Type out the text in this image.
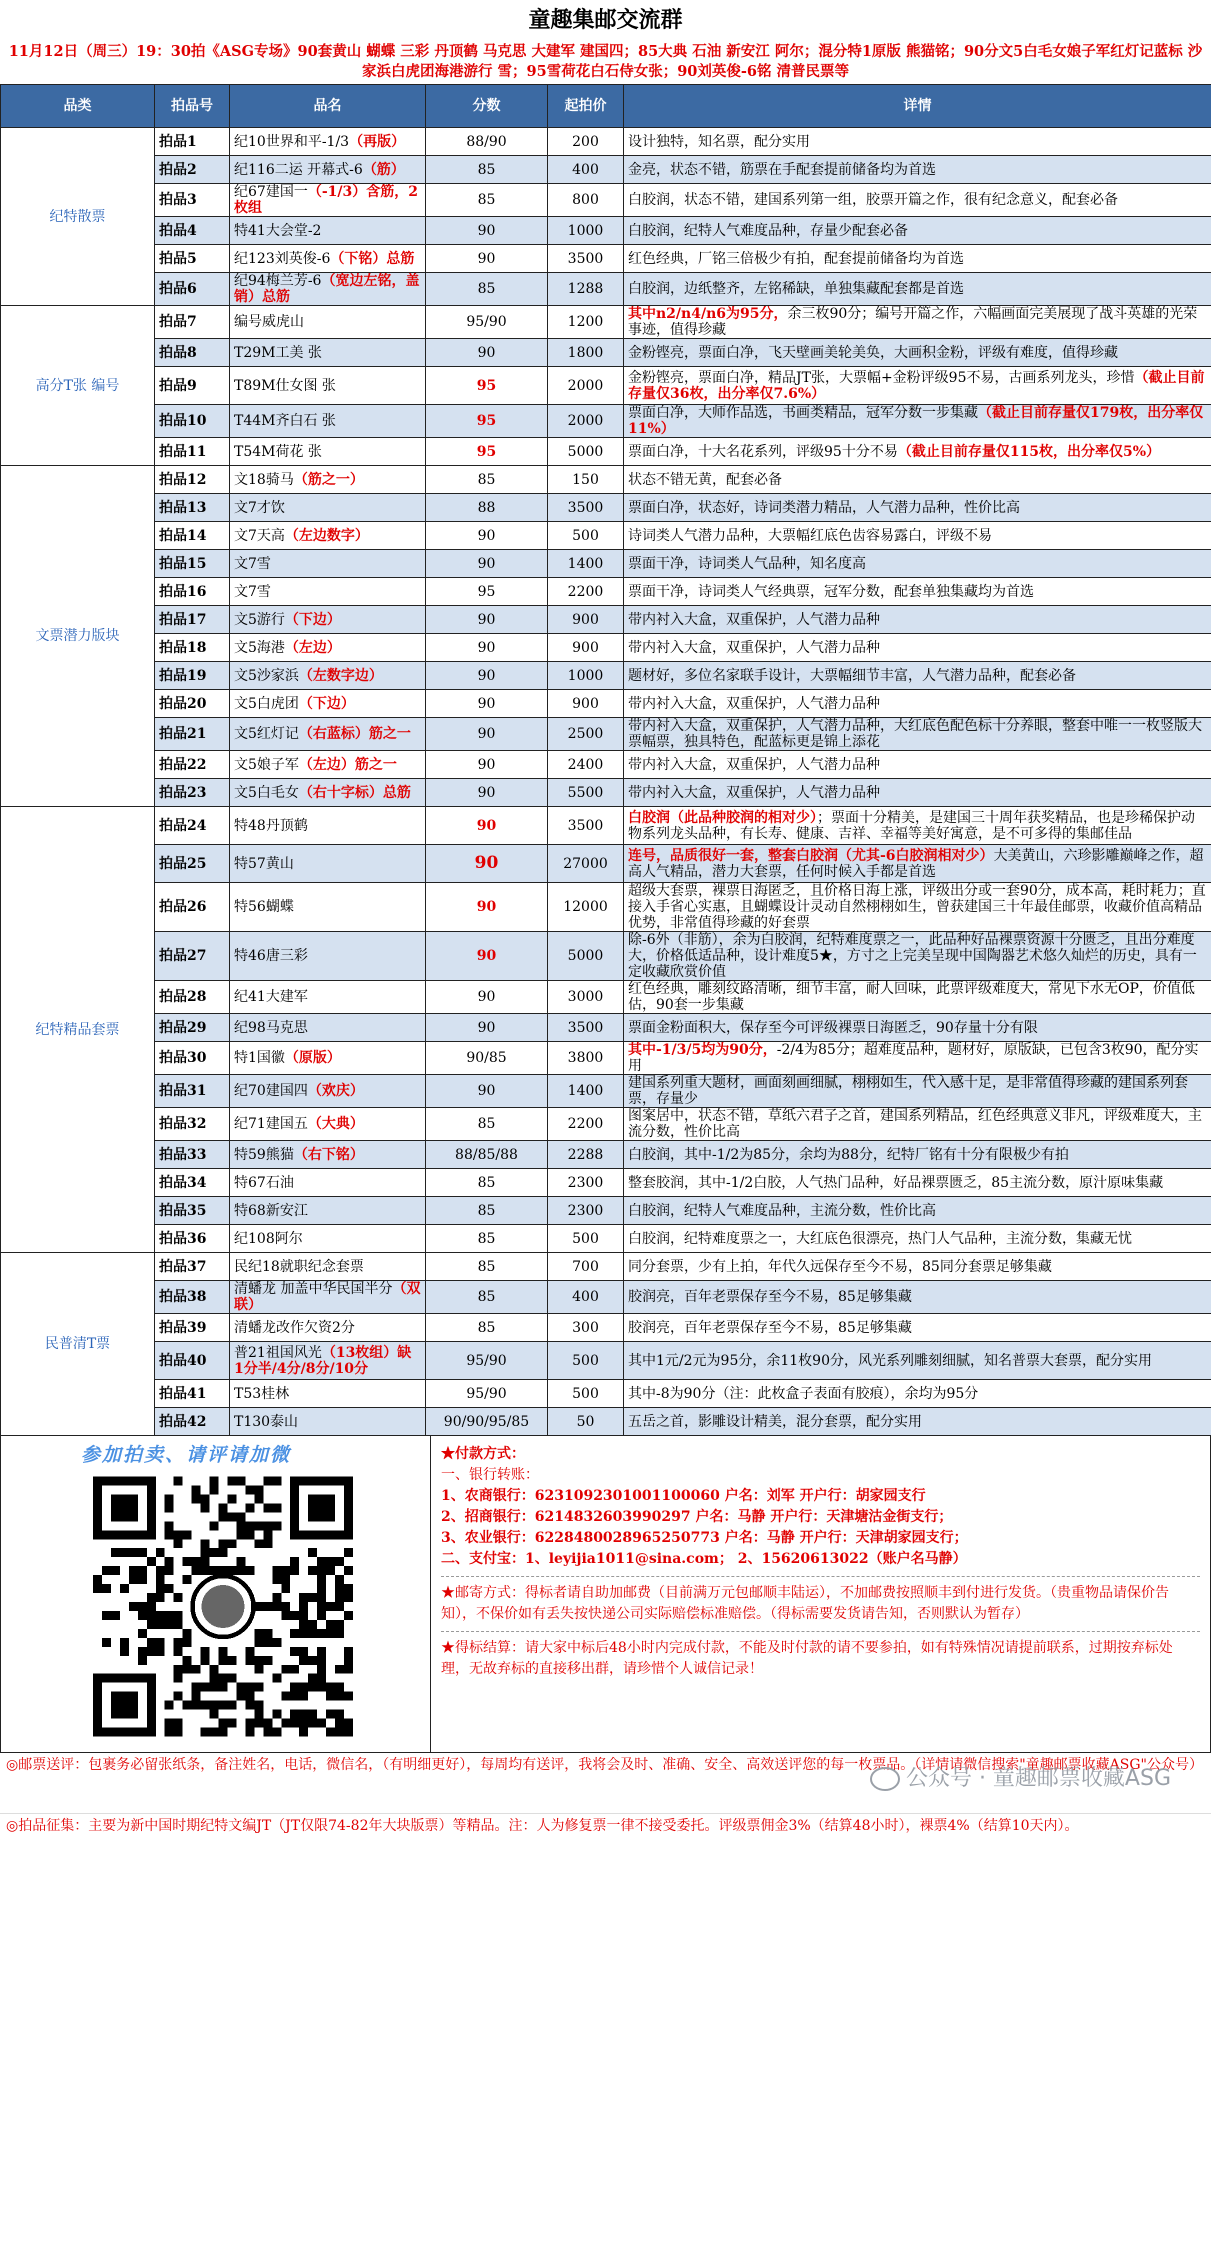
童趣集邮交流群
11月12日（周三）19：30拍《ASG专场》90套黄山 蝴蝶 三彩 丹顶鹤 马克思 大建军 建国四；85大典 石油 新安江 阿尔；混分特1原版 熊猫铭；90分文5白毛女娘子军红灯记蓝标 沙家浜白虎团海港游行 雪；95雪荷花白石侍女张；90刘英俊-6铭 清普民票等
品类	拍品号	品名	分数	起拍价	详情
纪特散票	拍品1	纪10世界和平-1/3（再版）	88/90	200	设计独特，知名票，配分实用
	拍品2	纪116二运 开幕式-6（筋）	85	400	金亮，状态不错，筋票在手配套提前储备均为首选
	拍品3	纪67建国一（-1/3）含筋，2枚组	85	800	白胶润，状态不错，建国系列第一组，胶票开篇之作，很有纪念意义，配套必备
	拍品4	特41大会堂-2	90	1000	白胶润，纪特人气难度品种，存量少配套必备
	拍品5	纪123刘英俊-6（下铭）总筋	90	3500	红色经典，厂铭三倍极少有拍，配套提前储备均为首选
	拍品6	纪94梅兰芳-6（宽边左铭，盖销）总筋	85	1288	白胶润，边纸整齐，左铭稀缺，单独集藏配套都是首选
高分T张 编号	拍品7	编号威虎山	95/90	1200	其中n2/n4/n6为95分，余三枚90分；编号开篇之作，六幅画面完美展现了战斗英雄的光荣事迹，值得珍藏
	拍品8	T29M工美 张	90	1800	金粉铿亮，票面白净，飞天壁画美轮美奂，大画积金粉，评级有难度，值得珍藏
	拍品9	T89M仕女图 张	95	2000	金粉铿亮，票面白净，精品JT张，大票幅+金粉评级95不易，古画系列龙头，珍惜（截止目前存量仅36枚，出分率仅7.6%）
	拍品10	T44M齐白石 张	95	2000	票面白净，大师作品选，书画类精品，冠军分数一步集藏（截止目前存量仅179枚，出分率仅11%）
	拍品11	T54M荷花 张	95	5000	票面白净，十大名花系列，评级95十分不易（截止目前存量仅115枚，出分率仅5%）
文票潜力版块	拍品12	文18骑马（筋之一）	85	150	状态不错无黄，配套必备
	拍品13	文7才饮	88	3500	票面白净，状态好，诗词类潜力精品，人气潜力品种，性价比高
	拍品14	文7天高（左边数字）	90	500	诗词类人气潜力品种，大票幅红底色齿容易露白，评级不易
	拍品15	文7雪	90	1400	票面干净，诗词类人气品种，知名度高
	拍品16	文7雪	95	2200	票面干净，诗词类人气经典票，冠军分数，配套单独集藏均为首选
	拍品17	文5游行（下边）	90	900	带内衬入大盒，双重保护，人气潜力品种
	拍品18	文5海港（左边）	90	900	带内衬入大盒，双重保护，人气潜力品种
	拍品19	文5沙家浜（左数字边）	90	1000	题材好，多位名家联手设计，大票幅细节丰富，人气潜力品种，配套必备
	拍品20	文5白虎团（下边）	90	900	带内衬入大盒，双重保护，人气潜力品种
	拍品21	文5红灯记（右蓝标）筋之一	90	2500	带内衬入大盒，双重保护，人气潜力品种，大红底色配色标十分养眼，整套中唯一一枚竖版大票幅票，独具特色，配蓝标更是锦上添花
	拍品22	文5娘子军（左边）筋之一	90	2400	带内衬入大盒，双重保护，人气潜力品种
	拍品23	文5白毛女（右十字标）总筋	90	5500	带内衬入大盒，双重保护，人气潜力品种
纪特精品套票	拍品24	特48丹顶鹤	90	3500	白胶润（此品种胶润的相对少）；票面十分精美，是建国三十周年获奖精品，也是珍稀保护动物系列龙头品种，有长寿、健康、吉祥、幸福等美好寓意，是不可多得的集邮佳品
	拍品25	特57黄山	90	27000	连号，品质很好一套，整套白胶润（尤其-6白胶润相对少）大美黄山，六珍影雕巅峰之作，超高人气精品，潜力大套票，任何时候入手都是首选
	拍品26	特56蝴蝶	90	12000	超级大套票，裸票日海匿乏，且价格日海上涨，评级出分或一套90分，成本高，耗时耗力；直接入手省心实惠，且蝴蝶设计灵动自然栩栩如生，曾获建国三十年最佳邮票，收藏价值高精品优势，非常值得珍藏的好套票
	拍品27	特46唐三彩	90	5000	除-6外（非筋），余为白胶润，纪特难度票之一，此品种好品裸票资源十分匮乏，且出分难度大，价格低适品种，设计难度5★，方寸之上完美呈现中国陶器艺术悠久灿烂的历史，具有一定收藏欣赏价值
	拍品28	纪41大建军	90	3000	红色经典，雕刻纹路清晰，细节丰富，耐人回味，此票评级难度大，常见下水无OP，价值低估，90套一步集藏
	拍品29	纪98马克思	90	3500	票面金粉面积大，保存至今可评级裸票日海匿乏，90存量十分有限
	拍品30	特1国徽（原版）	90/85	3800	其中-1/3/5均为90分，-2/4为85分；超难度品种，题材好，原版缺，已包含3枚90，配分实用
	拍品31	纪70建国四（欢庆）	90	1400	建国系列重大题材，画面刻画细腻，栩栩如生，代入感十足，是非常值得珍藏的建国系列套票，存量少
	拍品32	纪71建国五（大典）	85	2200	图案居中，状态不错，草纸六君子之首，建国系列精品，红色经典意义非凡，评级难度大，主流分数，性价比高
	拍品33	特59熊猫（右下铭）	88/85/88	2288	白胶润，其中-1/2为85分，余均为88分，纪特厂铭有十分有限极少有拍
	拍品34	特67石油	85	2300	整套胶润，其中-1/2白胶，人气热门品种，好品裸票匮乏，85主流分数，原汁原味集藏
	拍品35	特68新安江	85	2300	白胶润，纪特人气难度品种，主流分数，性价比高
	拍品36	纪108阿尔	85	500	白胶润，纪特难度票之一，大红底色很漂亮，热门人气品种，主流分数，集藏无忧
民普清T票	拍品37	民纪18就职纪念套票	85	700	同分套票，少有上拍，年代久远保存至今不易，85同分套票足够集藏
	拍品38	清蟠龙 加盖中华民国半分（双联）	85	400	胶润亮，百年老票保存至今不易，85足够集藏
	拍品39	清蟠龙改作欠资2分	85	300	胶润亮，百年老票保存至今不易，85足够集藏
	拍品40	普21祖国风光（13枚组）缺1分半/4分/8分/10分	95/90	500	其中1元/2元为95分，余11枚90分，风光系列雕刻细腻，知名普票大套票，配分实用
	拍品41	T53桂林	95/90	500	其中-8为90分（注：此枚盒子表面有胶痕），余均为95分
	拍品42	T130泰山	90/90/95/85	50	五岳之首，影雕设计精美，混分套票，配分实用
参加拍卖、请评请加微	★付款方式：
一、银行转账：
1、农商银行：6231092301001100060 户名：刘军 开户行：胡家园支行
2、招商银行：6214832603990297 户名：马静 开户行：天津塘沽金街支行；
3、农业银行：6228480028965250773 户名：马静 开户行：天津胡家园支行；
二、支付宝：1、leyijia1011@sina.com； 2、15620613022（账户名马静）
★邮寄方式：得标者请自助加邮费（目前满万元包邮顺丰陆运），不加邮费按照顺丰到付进行发货。（贵重物品请保价告知），不保价如有丢失按快递公司实际赔偿标准赔偿。（得标需要发货请告知，否则默认为暂存）
★得标结算：请大家中标后48小时内完成付款，不能及时付款的请不要参拍，如有特殊情况请提前联系，过期按弃标处理，无故弃标的直接移出群，请珍惜个人诚信记录！
◎邮票送评：包裹务必留张纸条，备注姓名，电话，微信名，（有明细更好），每周均有送评，我将会及时、准确、安全、高效送评您的每一枚票品。（详情请微信搜索"童趣邮票收藏ASG"公众号）
公众号 · 童趣邮票收藏ASG
◎拍品征集：主要为新中国时期纪特文编JT（JT仅限74-82年大块版票）等精品。注：人为修复票一律不接受委托。评级票佣金3%（结算48小时），裸票4%（结算10天内）。
